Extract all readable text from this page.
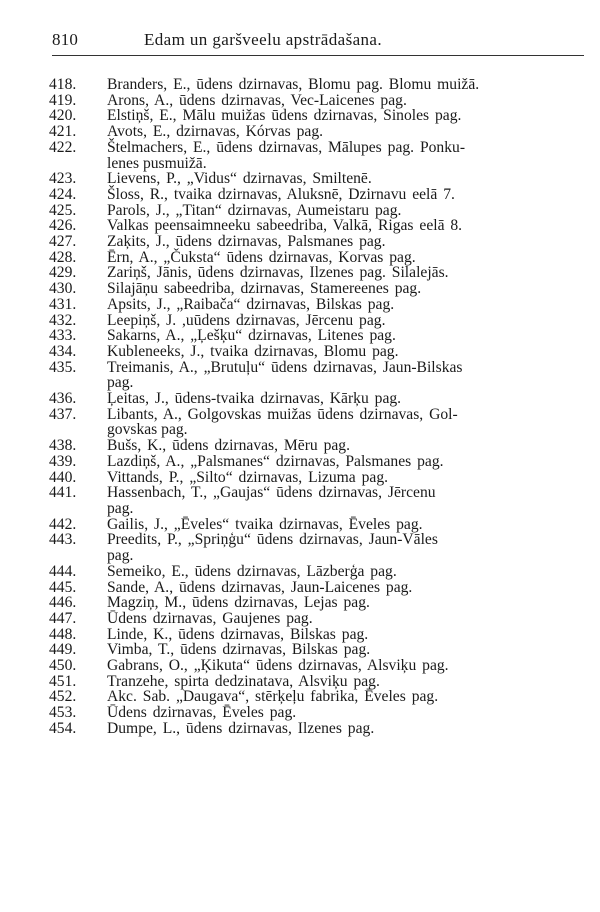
810	Edam un garšveelu apstrādašana.
418.	Branders, E., ūdens dzirnavas, Blomu pag. Blomu muižā.
419.	Arons, A., ūdens dzirnavas, Vec-Laicenes pag.
420.	Elstiņš, E., Mālu muižas ūdens dzirnavas, Sinoles pag.
421.	Avots, E., dzirnavas, Kórvas pag.
422.	Štelmachers, E., ūdens dzirnavas, Mālupes pag. Ponku-
lenes pusmuižā.
423.	Lievens, P., „Vidus“ dzirnavas, Smiltenē.
424.	Šloss, R., tvaika dzirnavas, Aluksnē, Dzirnavu eelā 7.
425.	Parols, J., „Titan“ dzirnavas, Aumeistaru pag.
426.	Valkas peensaimneeku sabeedriba, Valkā, Rigas eelā 8.
427.	Zaķits, J., ūdens dzirnavas, Palsmanes pag.
428.	Ērn, A., „Čuksta“ ūdens dzirnavas, Korvas pag.
429.	Zariņš, Jānis, ūdens dzirnavas, Ilzenes pag. Silalejās.
430.	Silajāņu sabeedriba, dzirnavas, Stamereenes pag.
431.	Apsits, J., „Raibača“ dzirnavas, Bilskas pag.
432.	Leepiņš, J. ,uūdens dzirnavas, Jērcenu pag.
433.	Sakarns, A., „Ļešķu“ dzirnavas, Litenes pag.
434.	Kubleneeks, J., tvaika dzirnavas, Blomu pag.
435.	Treimanis, A., „Brutuļu“ ūdens dzirnavas, Jaun-Bilskas
pag.
436.	Ļeitas, J., ūdens-tvaika dzirnavas, Kārķu pag.
437.	Libants, A., Golgovskas muižas ūdens dzirnavas, Gol-
govskas pag.
438.	Bušs, K., ūdens dzirnavas, Mēru pag.
439.	Lazdiņš, A., „Palsmanes“ dzirnavas, Palsmanes pag.
440.	Vittands, P., „Silto“ dzirnavas, Lizuma pag.
441.	Hassenbach, T., „Gaujas“ ūdens dzirnavas, Jērcenu
pag.
442.	Gailis, J., „Ēveles“ tvaika dzirnavas, Ēveles pag.
443.	Preedits, P., „Spriņģu“ ūdens dzirnavas, Jaun-Vāles
pag.
444.	Semeiko, E., ūdens dzirnavas, Lāzberģa pag.
445.	Sande, A., ūdens dzirnavas, Jaun-Laicenes pag.
446.	Magziņ, M., ūdens dzirnavas, Lejas pag.
447.	Ūdens dzirnavas, Gaujenes pag.
448.	Linde, K., ūdens dzirnavas, Bilskas pag.
449.	Vimba, T., ūdens dzirnavas, Bilskas pag.
450.	Gabrans, O., „Ķikuta“ ūdens dzirnavas, Alsviķu pag.
451.	Tranzehe, spirta dedzinatava, Alsviķu pag.
452.	Akc. Sab. „Daugava“, stērķeļu fabrika, Ēveles pag.
453.	Ūdens dzirnavas, Ēveles pag.
454.	Dumpe, L., ūdens dzirnavas, Ilzenes pag.
